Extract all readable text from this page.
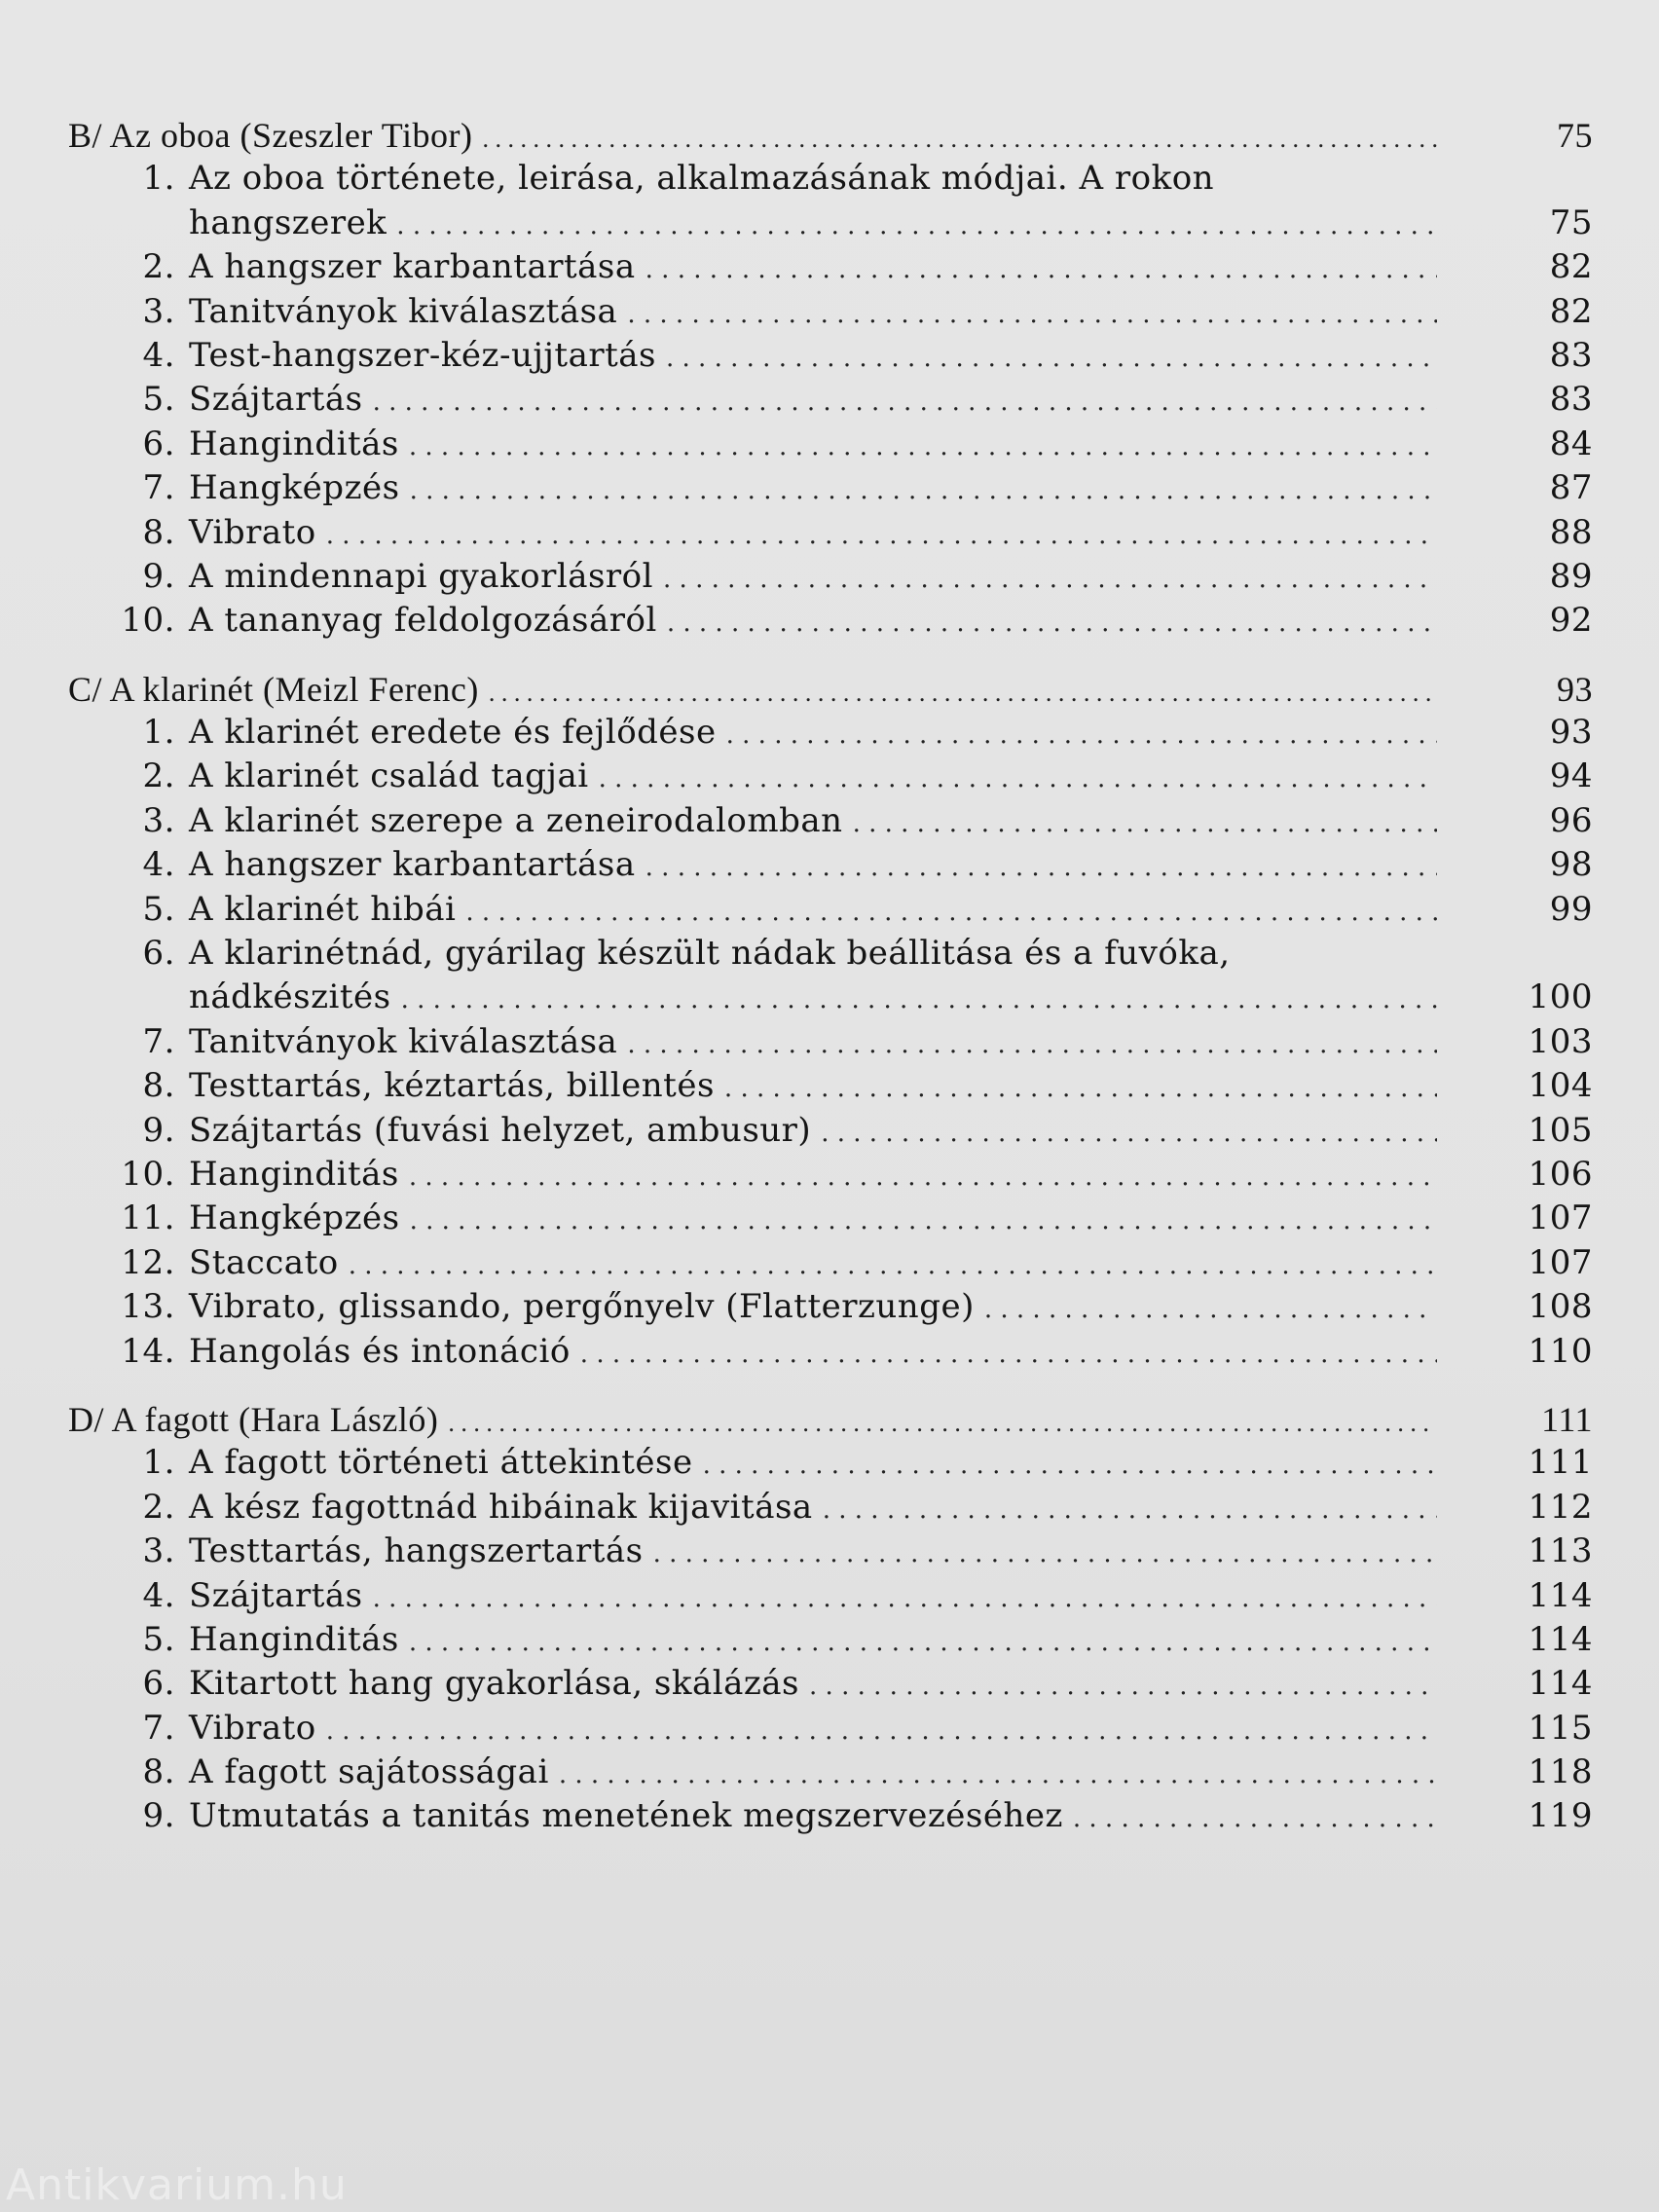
B/ Az oboa (Szeszler Tibor) . . .	75
1. Az oboa története, leirása, alkalmazásának módjai. A rokon
hangszerek . . .	75
2. A hangszer karbantartása . . .	82
3. Tanitványok kiválasztása . . .	82
4. Test-hangszer-kéz-ujjtartás . . .	83
5. Szájtartás . . .	83
6. Hanginditás . . .	84
7. Hangképzés . . .	87
8. Vibrato . . .	88
9. A mindennapi gyakorlásról . . .	89
10. A tananyag feldolgozásáról . . .	92
C/ A klarinét (Meizl Ferenc) . . .	93
1. A klarinét eredete és fejlődése . . .	93
2. A klarinét család tagjai . . .	94
3. A klarinét szerepe a zeneirodalomban . . .	96
4. A hangszer karbantartása . . .	98
5. A klarinét hibái . . .	99
6. A klarinétnád, gyárilag készült nádak beállitása és a fuvóka,
nádkészités . . .	100
7. Tanitványok kiválasztása . . .	103
8. Testtartás, kéztartás, billentés . . .	104
9. Szájtartás (fuvási helyzet, ambusur) . . .	105
10. Hanginditás . . .	106
11. Hangképzés . . .	107
12. Staccato . . .	107
13. Vibrato, glissando, pergőnyelv (Flatterzunge) . . .	108
14. Hangolás és intonáció . . .	110
D/ A fagott (Hara László) . . .	111
1. A fagott történeti áttekintése . . .	111
2. A kész fagottnád hibáinak kijavitása . . .	112
3. Testtartás, hangszertartás . . .	113
4. Szájtartás . . .	114
5. Hanginditás . . .	114
6. Kitartott hang gyakorlása, skálázás . . .	114
7. Vibrato . . .	115
8. A fagott sajátosságai . . .	118
9. Utmutatás a tanitás menetének megszervezéséhez . . .	119
Antikvarium.hu
